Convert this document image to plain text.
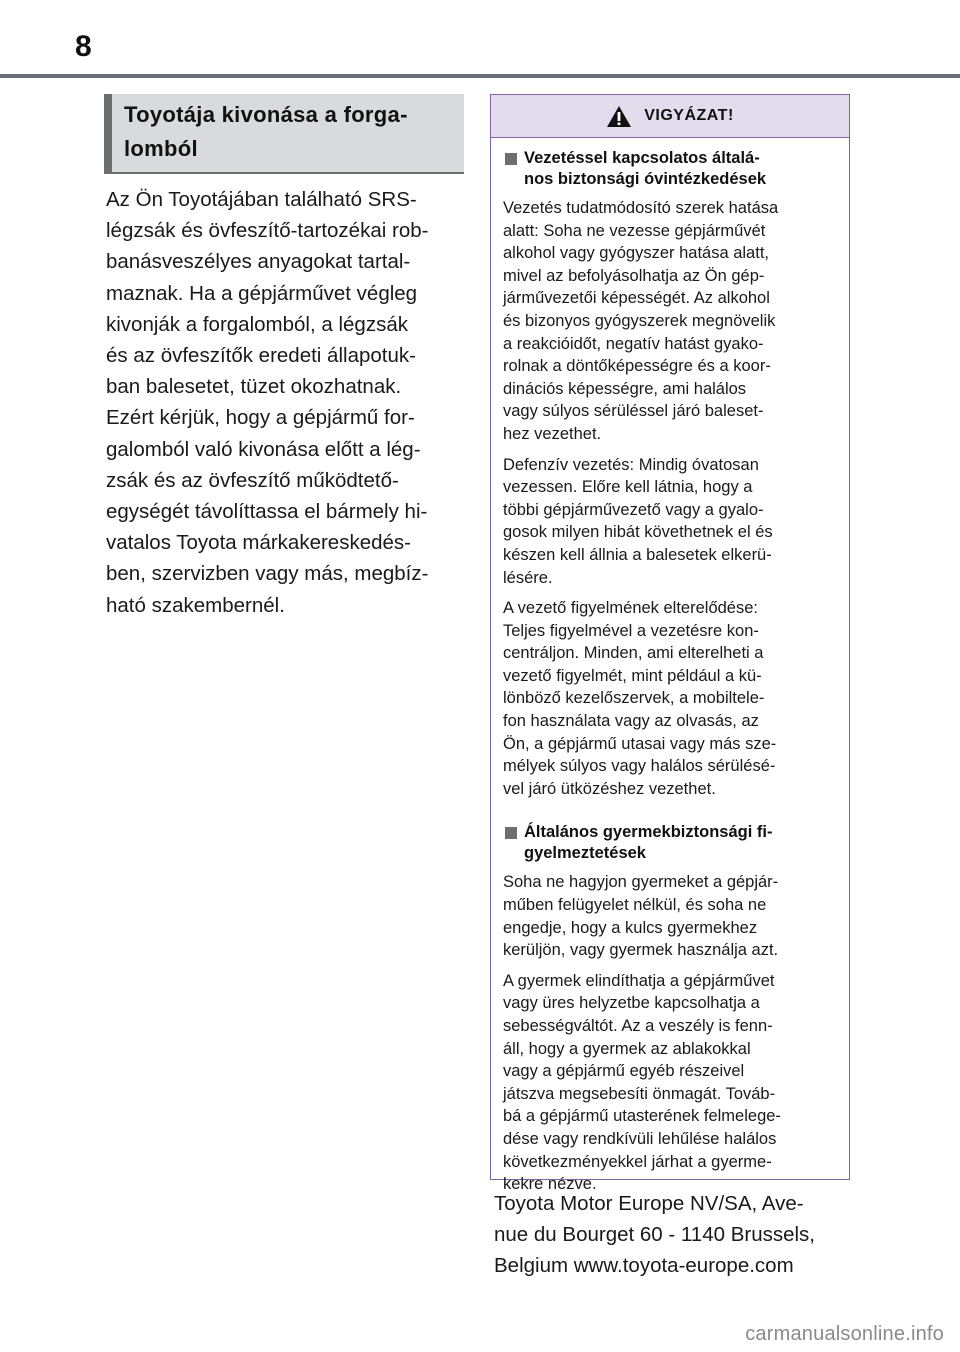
8
Toyotája kivonása a forga-
lomból

Az Ön Toyotájában található SRS-
légzsák és övfeszítő-tartozékai rob-
banásveszélyes anyagokat tartal-
maznak. Ha a gépjárművet végleg
kivonják a forgalomból, a légzsák
és az övfeszítők eredeti állapotuk-
ban balesetet, tüzet okozhatnak.
Ezért kérjük, hogy a gépjármű for-
galomból való kivonása előtt a lég-
zsák és az övfeszítő működtető-
egységét távolíttassa el bármely hi-
vatalos Toyota márkakereskedés-
ben, szervizben vagy más, megbíz-
ható szakembernél.

VIGYÁZAT!
Vezetéssel kapcsolatos általá-
nos biztonsági óvintézkedések

Vezetés tudatmódosító szerek hatása
alatt: Soha ne vezesse gépjárművét
alkohol vagy gyógyszer hatása alatt,
mivel az befolyásolhatja az Ön gép-
járművezetői képességét. Az alkohol
és bizonyos gyógyszerek megnövelik
a reakcióidőt, negatív hatást gyako-
rolnak a döntőképességre és a koor-
dinációs képességre, ami halálos
vagy súlyos sérüléssel járó baleset-
hez vezethet.

Defenzív vezetés: Mindig óvatosan
vezessen. Előre kell látnia, hogy a
többi gépjárművezető vagy a gyalo-
gosok milyen hibát követhetnek el és
készen kell állnia a balesetek elkerü-
lésére.

A vezető figyelmének elterelődése:
Teljes figyelmével a vezetésre kon-
centráljon. Minden, ami elterelheti a
vezető figyelmét, mint például a kü-
lönböző kezelőszervek, a mobiltele-
fon használata vagy az olvasás, az
Ön, a gépjármű utasai vagy más sze-
mélyek súlyos vagy halálos sérülésé-
vel járó ütközéshez vezethet.

Általános gyermekbiztonsági fi-
gyelmeztetések

Soha ne hagyjon gyermeket a gépjár-
műben felügyelet nélkül, és soha ne
engedje, hogy a kulcs gyermekhez
kerüljön, vagy gyermek használja azt.

A gyermek elindíthatja a gépjárművet
vagy üres helyzetbe kapcsolhatja a
sebességváltót. Az a veszély is fenn-
áll, hogy a gyermek az ablakokkal
vagy a gépjármű egyéb részeivel
játszva megsebesíti önmagát. Továb-
bá a gépjármű utasterének felmelege-
dése vagy rendkívüli lehűlése halálos
következményekkel járhat a gyerme-
kekre nézve.

Toyota Motor Europe NV/SA, Ave-
nue du Bourget 60 - 1140 Brussels,
Belgium www.toyota-europe.com
carmanualsonline.info
